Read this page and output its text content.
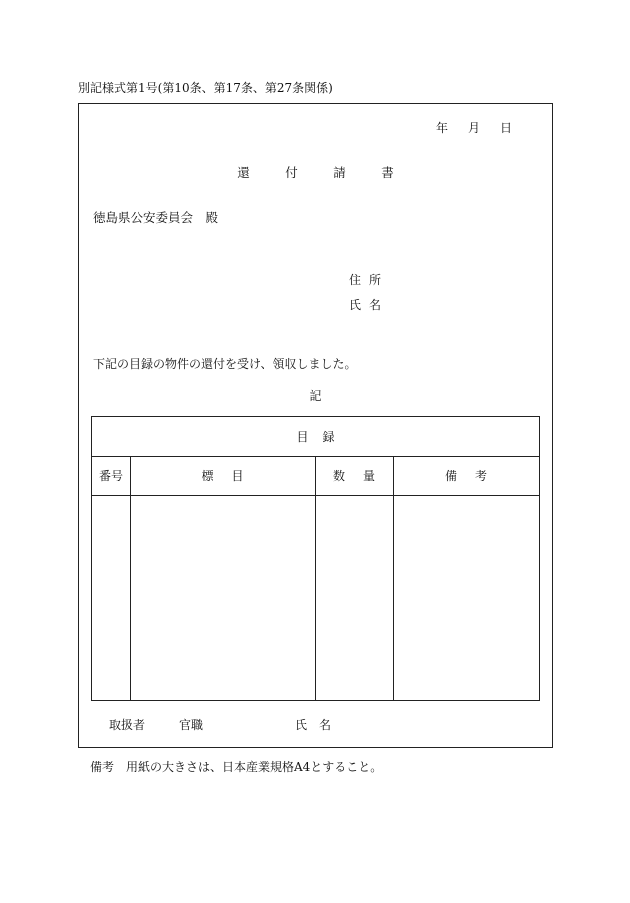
別記様式第1号(第10条、第17条、第27条関係)
年 月 日
還	付	請	書
徳島県公安委員会　殿
住 所
氏 名
下記の目録の物件の還付を受け、領収しました。
記
目 録
番号	標 目	数 量	備 考
取扱者	官職	氏　名
備考　用紙の大きさは、日本産業規格A4とすること。
